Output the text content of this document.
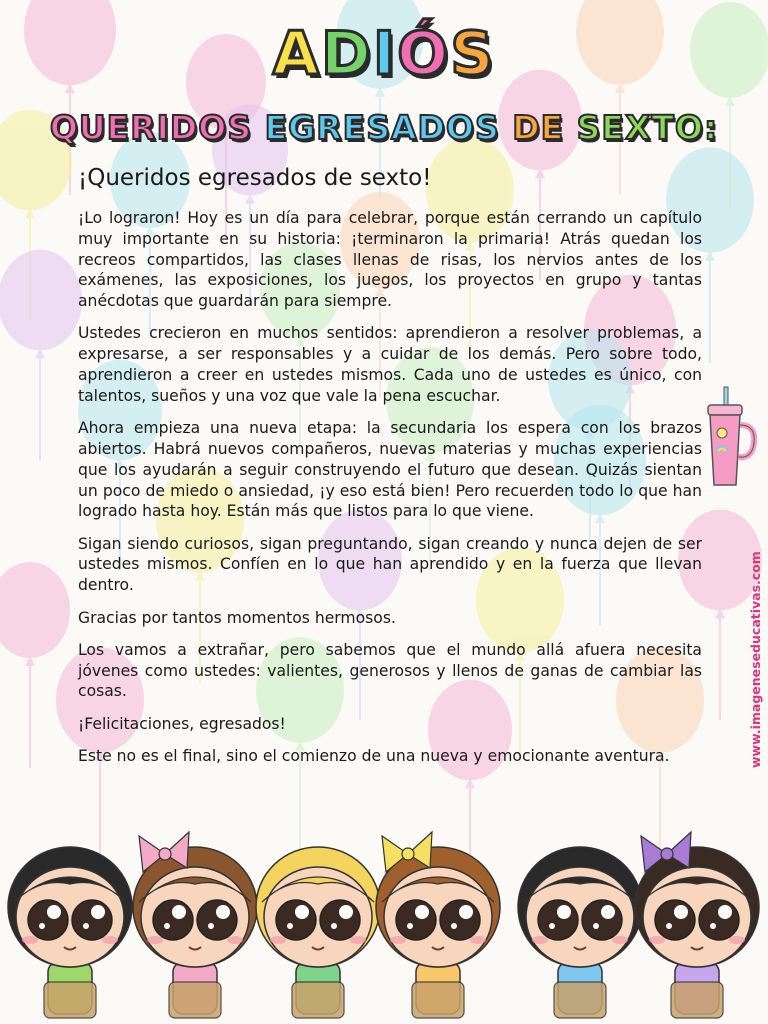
ADIÓS
QUERIDOS EGRESADOS DE SEXTO:
¡Queridos egresados de sexto!

¡Lo lograron! Hoy es un día para celebrar, porque están cerrando un capítulo muy importante en su historia: ¡terminaron la primaria! Atrás quedan los recreos compartidos, las clases llenas de risas, los nervios antes de los exámenes, las exposiciones, los juegos, los proyectos en grupo y tantas anécdotas que guardarán para siempre.

Ustedes crecieron en muchos sentidos: aprendieron a resolver problemas, a expresarse, a ser responsables y a cuidar de los demás. Pero sobre todo, aprendieron a creer en ustedes mismos. Cada uno de ustedes es único, con talentos, sueños y una voz que vale la pena escuchar.

Ahora empieza una nueva etapa: la secundaria los espera con los brazos abiertos. Habrá nuevos compañeros, nuevas materias y muchas experiencias que los ayudarán a seguir construyendo el futuro que desean. Quizás sientan un poco de miedo o ansiedad, ¡y eso está bien! Pero recuerden todo lo que han logrado hasta hoy. Están más que listos para lo que viene.

Sigan siendo curiosos, sigan preguntando, sigan creando y nunca dejen de ser ustedes mismos. Confíen en lo que han aprendido y en la fuerza que llevan dentro.

Gracias por tantos momentos hermosos.

Los vamos a extrañar, pero sabemos que el mundo allá afuera necesita jóvenes como ustedes: valientes, generosos y llenos de ganas de cambiar las cosas.

¡Felicitaciones, egresados!

Este no es el final, sino el comienzo de una nueva y emocionante aventura.	www.imageneseducativas.com
